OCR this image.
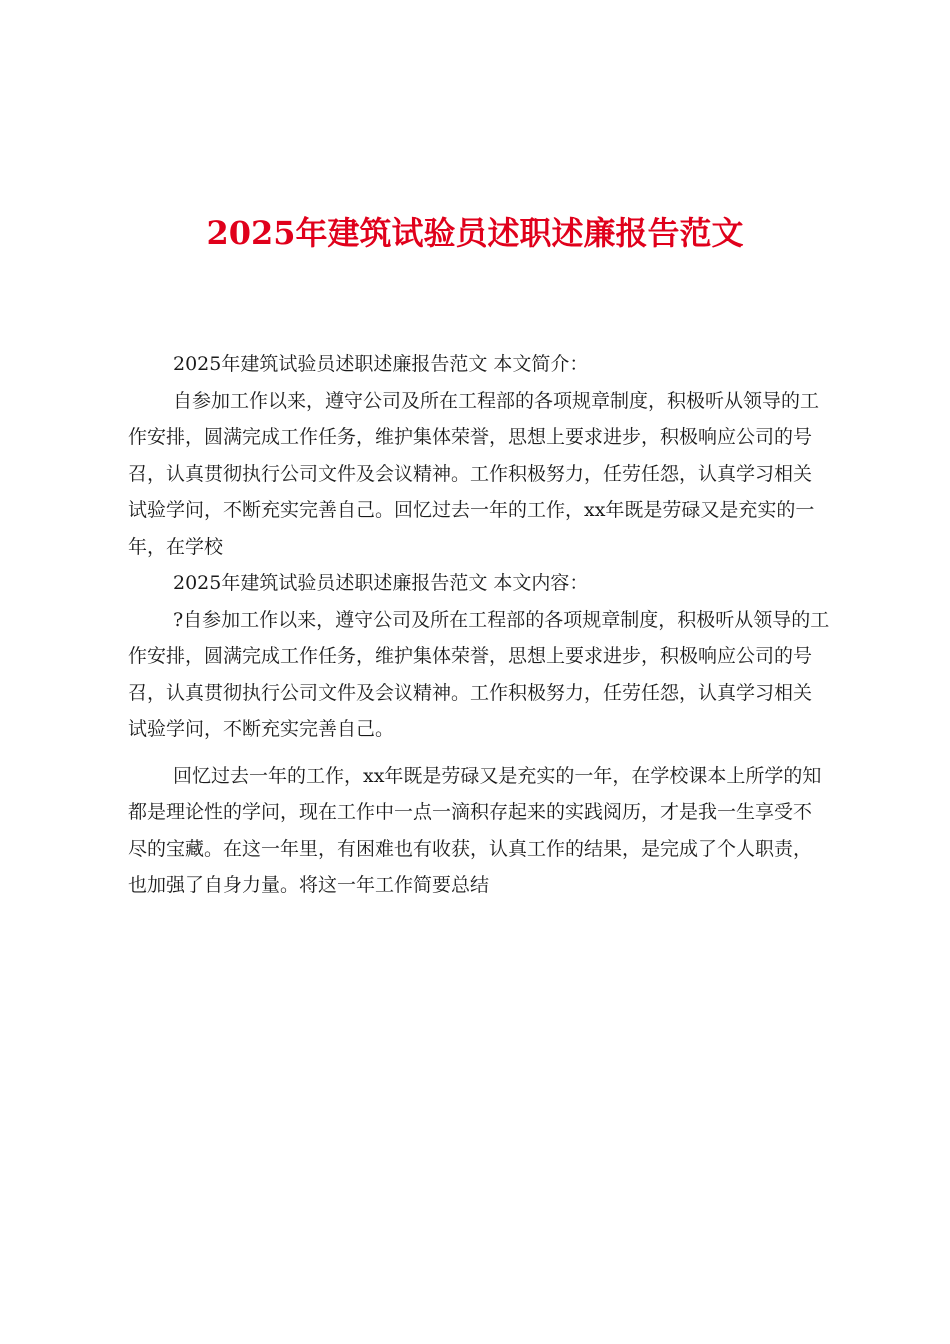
2025年建筑试验员述职述廉报告范文

2025年建筑试验员述职述廉报告范文 本文简介：

自参加工作以来，遵守公司及所在工程部的各项规章制度，积极听从领导的工作安排，圆满完成工作任务，维护集体荣誉，思想上要求进步，积极响应公司的号召，认真贯彻执行公司文件及会议精神。工作积极努力，任劳任怨，认真学习相关试验学问，不断充实完善自己。回忆过去一年的工作，xx年既是劳碌又是充实的一年，在学校

2025年建筑试验员述职述廉报告范文 本文内容：

?自参加工作以来，遵守公司及所在工程部的各项规章制度，积极听从领导的工作安排，圆满完成工作任务，维护集体荣誉，思想上要求进步，积极响应公司的号召，认真贯彻执行公司文件及会议精神。工作积极努力，任劳任怨，认真学习相关试验学问，不断充实完善自己。

回忆过去一年的工作，xx年既是劳碌又是充实的一年，在学校课本上所学的知都是理论性的学问，现在工作中一点一滴积存起来的实践阅历，才是我一生享受不尽的宝藏。在这一年里，有困难也有收获，认真工作的结果，是完成了个人职责，也加强了自身力量。将这一年工作简要总结
